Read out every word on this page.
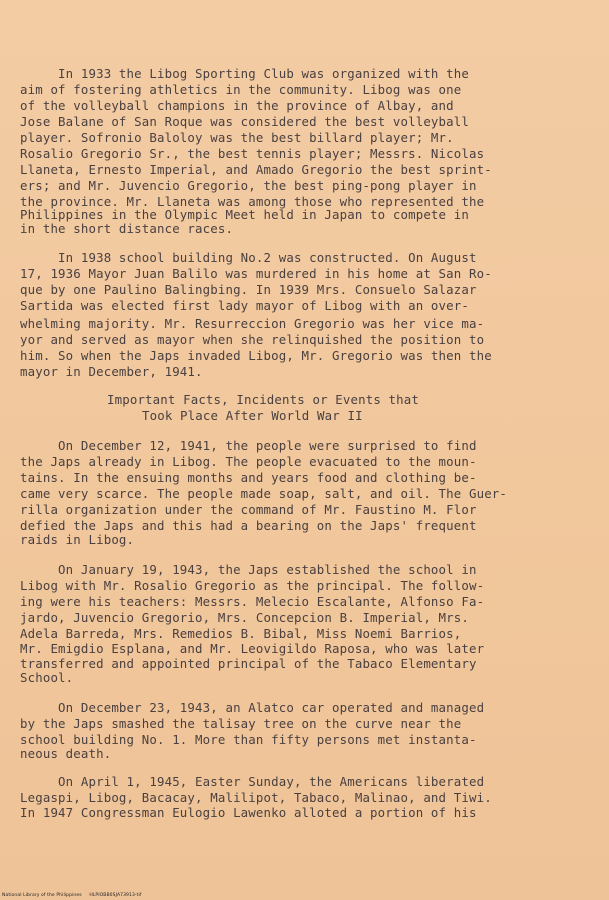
In 1933 the Libog Sporting Club was organized with the
aim of fostering athletics in the community. Libog was one
of the volleyball champions in the province of Albay, and
Jose Balane of San Roque was considered the best volleyball
player. Sofronio Baloloy was the best billard player; Mr.
Rosalio Gregorio Sr., the best tennis player; Messrs. Nicolas
Llaneta, Ernesto Imperial, and Amado Gregorio the best sprint-
ers; and Mr. Juvencio Gregorio, the best ping-pong player in
the province. Mr. Llaneta was among those who represented the
Philippines in the Olympic Meet held in Japan to compete in
in the short distance races.
In 1938 school building No.2 was constructed. On August
17, 1936 Mayor Juan Balilo was murdered in his home at San Ro-
que by one Paulino Balingbing. In 1939 Mrs. Consuelo Salazar
Sartida was elected first lady mayor of Libog with an over-
whelming majority. Mr. Resurreccion Gregorio was her vice ma-
yor and served as mayor when she relinquished the position to
him. So when the Japs invaded Libog, Mr. Gregorio was then the
mayor in December, 1941.
Important Facts, Incidents or Events that
Took Place After World War II
On December 12, 1941, the people were surprised to find
the Japs already in Libog. The people evacuated to the moun-
tains. In the ensuing months and years food and clothing be-
came very scarce. The people made soap, salt, and oil. The Guer-
rilla organization under the command of Mr. Faustino M. Flor
defied the Japs and this had a bearing on the Japs' frequent
raids in Libog.
On January 19, 1943, the Japs established the school in
Libog with Mr. Rosalio Gregorio as the principal. The follow-
ing were his teachers: Messrs. Melecio Escalante, Alfonso Fa-
jardo, Juvencio Gregorio, Mrs. Concepcion B. Imperial, Mrs.
Adela Barreda, Mrs. Remedios B. Bibal, Miss Noemi Barrios,
Mr. Emigdio Esplana, and Mr. Leovigildo Raposa, who was later
transferred and appointed principal of the Tabaco Elementary
School.
On December 23, 1943, an Alatco car operated and managed
by the Japs smashed the talisay tree on the curve near the
school building No. 1. More than fifty persons met instanta-
neous death.
On April 1, 1945, Easter Sunday, the Americans liberated
Legaspi, Libog, Bacacay, Malilipot, Tabaco, Malinao, and Tiwi.
In 1947 Congressman Eulogio Lawenko alloted a portion of his
National Library of the Philippines     HLPIOBB0SJA73913-tif
